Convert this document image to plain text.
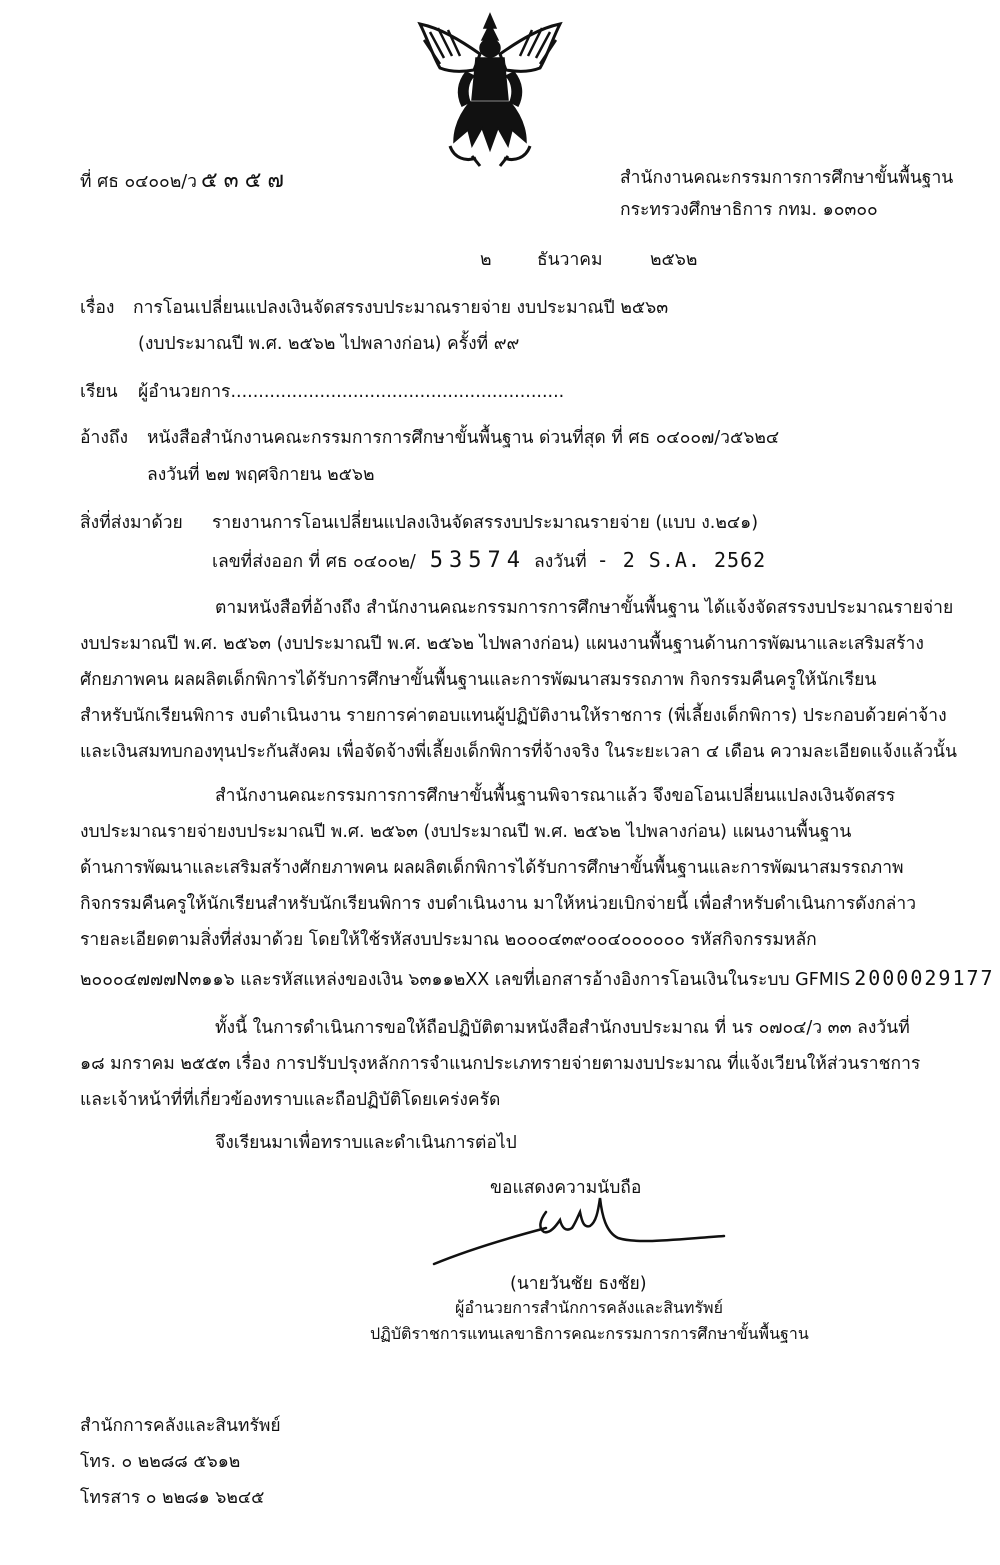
ที่ ศธ ๐๔๐๐๒/ว ๕๓๕๗	สำนักงานคณะกรรมการการศึกษาขั้นพื้นฐาน
กระทรวงศึกษาธิการ กทม. ๑๐๓๐๐
๒	ธันวาคม	๒๕๖๒
เรื่อง การโอนเปลี่ยนแปลงเงินจัดสรรงบประมาณรายจ่าย งบประมาณปี ๒๕๖๓
(งบประมาณปี พ.ศ. ๒๕๖๒ ไปพลางก่อน) ครั้งที่ ๙๙
เรียน ผู้อำนวยการ............................................................
อ้างถึง หนังสือสำนักงานคณะกรรมการการศึกษาขั้นพื้นฐาน ด่วนที่สุด ที่ ศธ ๐๔๐๐๗/ว๕๖๒๔
ลงวันที่ ๒๗ พฤศจิกายน ๒๕๖๒
สิ่งที่ส่งมาด้วย รายงานการโอนเปลี่ยนแปลงเงินจัดสรรงบประมาณรายจ่าย (แบบ ง.๒๔๑)
เลขที่ส่งออก ที่ ศธ ๐๔๐๐๒/ 53574 ลงวันที่ - 2 S.A. 2562
ตามหนังสือที่อ้างถึง สำนักงานคณะกรรมการการศึกษาขั้นพื้นฐาน ได้แจ้งจัดสรรงบประมาณรายจ่าย
งบประมาณปี พ.ศ. ๒๕๖๓ (งบประมาณปี พ.ศ. ๒๕๖๒ ไปพลางก่อน) แผนงานพื้นฐานด้านการพัฒนาและเสริมสร้าง
ศักยภาพคน ผลผลิตเด็กพิการได้รับการศึกษาขั้นพื้นฐานและการพัฒนาสมรรถภาพ กิจกรรมคืนครูให้นักเรียน
สำหรับนักเรียนพิการ งบดำเนินงาน รายการค่าตอบแทนผู้ปฏิบัติงานให้ราชการ (พี่เลี้ยงเด็กพิการ) ประกอบด้วยค่าจ้าง
และเงินสมทบกองทุนประกันสังคม เพื่อจัดจ้างพี่เลี้ยงเด็กพิการที่จ้างจริง ในระยะเวลา ๔ เดือน ความละเอียดแจ้งแล้วนั้น
สำนักงานคณะกรรมการการศึกษาขั้นพื้นฐานพิจารณาแล้ว จึงขอโอนเปลี่ยนแปลงเงินจัดสรร
งบประมาณรายจ่ายงบประมาณปี พ.ศ. ๒๕๖๓ (งบประมาณปี พ.ศ. ๒๕๖๒ ไปพลางก่อน) แผนงานพื้นฐาน
ด้านการพัฒนาและเสริมสร้างศักยภาพคน ผลผลิตเด็กพิการได้รับการศึกษาขั้นพื้นฐานและการพัฒนาสมรรถภาพ
กิจกรรมคืนครูให้นักเรียนสำหรับนักเรียนพิการ งบดำเนินงาน มาให้หน่วยเบิกจ่ายนี้ เพื่อสำหรับดำเนินการดังกล่าว
รายละเอียดตามสิ่งที่ส่งมาด้วย โดยให้ใช้รหัสงบประมาณ ๒๐๐๐๔๓๙๐๐๔๐๐๐๐๐๐ รหัสกิจกรรมหลัก
๒๐๐๐๔๗๗๗N๓๑๑๖ และรหัสแหล่งของเงิน ๖๓๑๑๒XX เลขที่เอกสารอ้างอิงการโอนเงินในระบบ GFMIS 2000029177
ทั้งนี้ ในการดำเนินการขอให้ถือปฏิบัติตามหนังสือสำนักงบประมาณ ที่ นร ๐๗๐๔/ว ๓๓ ลงวันที่
๑๘ มกราคม ๒๕๕๓ เรื่อง การปรับปรุงหลักการจำแนกประเภทรายจ่ายตามงบประมาณ ที่แจ้งเวียนให้ส่วนราชการ
และเจ้าหน้าที่ที่เกี่ยวข้องทราบและถือปฏิบัติโดยเคร่งครัด
จึงเรียนมาเพื่อทราบและดำเนินการต่อไป
ขอแสดงความนับถือ
(นายวันชัย ธงชัย)
ผู้อำนวยการสำนักการคลังและสินทรัพย์
ปฏิบัติราชการแทนเลขาธิการคณะกรรมการการศึกษาขั้นพื้นฐาน
สำนักการคลังและสินทรัพย์
โทร. ๐ ๒๒๘๘ ๕๖๑๒
โทรสาร ๐ ๒๒๘๑ ๖๒๔๕
